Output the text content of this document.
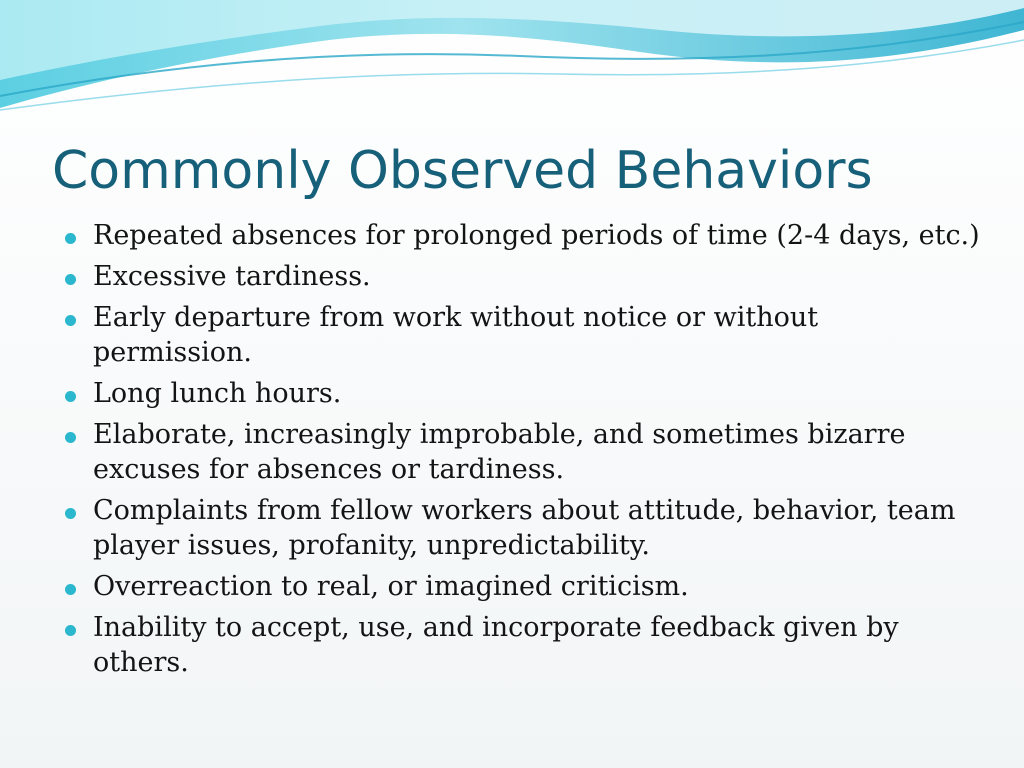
Commonly Observed Behaviors
Repeated absences for prolonged periods of time (2-4 days, etc.)
Excessive tardiness.
Early departure from work without notice or without permission.
Long lunch hours.
Elaborate, increasingly improbable, and sometimes bizarre excuses for absences or tardiness.
Complaints from fellow workers about attitude, behavior, team player issues, profanity, unpredictability.
Overreaction to real, or imagined criticism.
Inability to accept, use, and incorporate feedback given by others.
